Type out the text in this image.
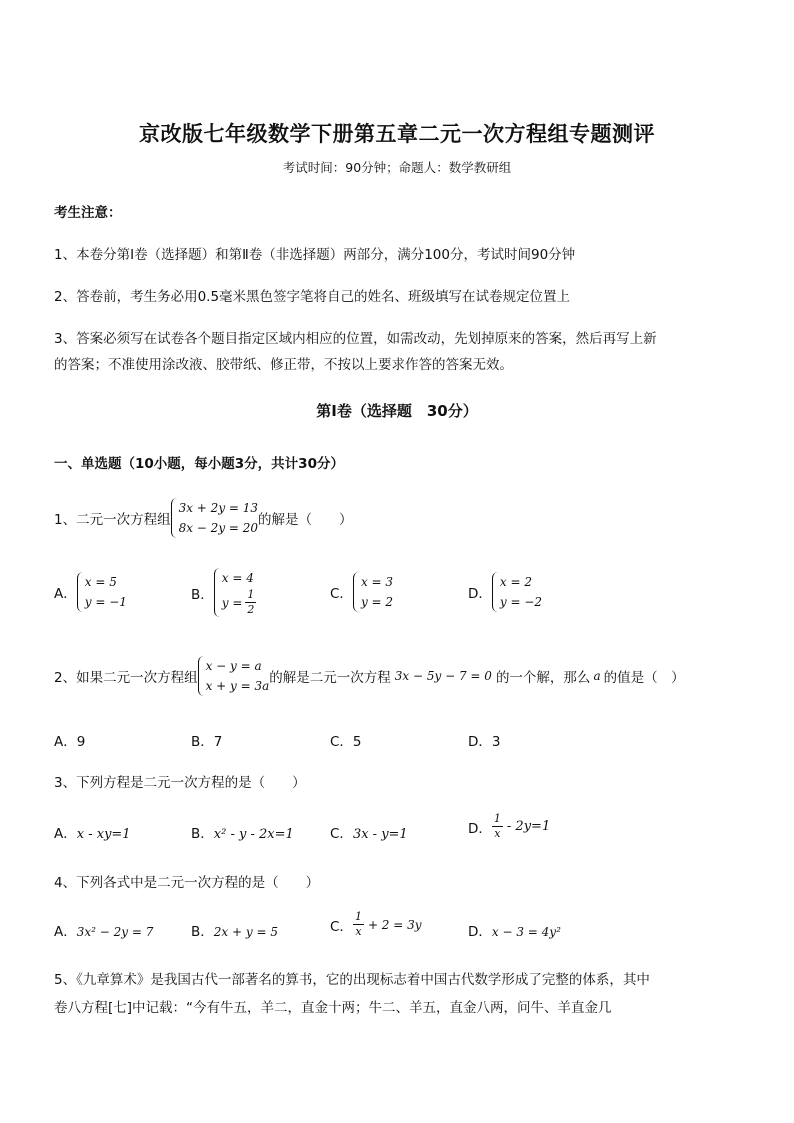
京改版七年级数学下册第五章二元一次方程组专题测评
考试时间：90分钟；命题人：数学教研组
考生注意：
1、本卷分第Ⅰ卷（选择题）和第Ⅱ卷（非选择题）两部分，满分100分，考试时间90分钟
2、答卷前，考生务必用0.5毫米黑色签字笔将自己的姓名、班级填写在试卷规定位置上
3、答案必须写在试卷各个题目指定区域内相应的位置，如需改动，先划掉原来的答案，然后再写上新
的答案；不准使用涂改液、胶带纸、修正带，不按以上要求作答的答案无效。
第Ⅰ卷（选择题　30分）
一、单选题（10小题，每小题3分，共计30分）
1、二元一次方程组
3x + 2y = 13
8x − 2y = 20 的解是（　　）
A．
x = 5
y = −1	B．
x = 4
$y = \frac{1}{2}$	C．
x = 3
y = 2	D．
x = 2
y = −2
2、如果二元一次方程组
x − y = a
x + y = 3a 的解是二元一次方程 3x − 5y − 7 = 0 的一个解，那么 a 的值是（　）
A．9	B．7	C．5	D．3
3、下列方程是二元一次方程的是（　　）
A．x - xy=1	B．x² - y - 2x=1	C．3x - y=1	D． $\frac{1}{x} - 2y=1$
4、下列各式中是二元一次方程的是（　　）
A．3x² − 2y = 7	B．2x + y = 5	C． $\frac{1}{x} + 2 = 3y$	D．x − 3 = 4y²
5、《九章算术》是我国古代一部著名的算书，它的出现标志着中国古代数学形成了完整的体系，其中
卷八方程[七]中记载：“今有牛五，羊二，直金十两；牛二、羊五，直金八两，问牛、羊直金几
